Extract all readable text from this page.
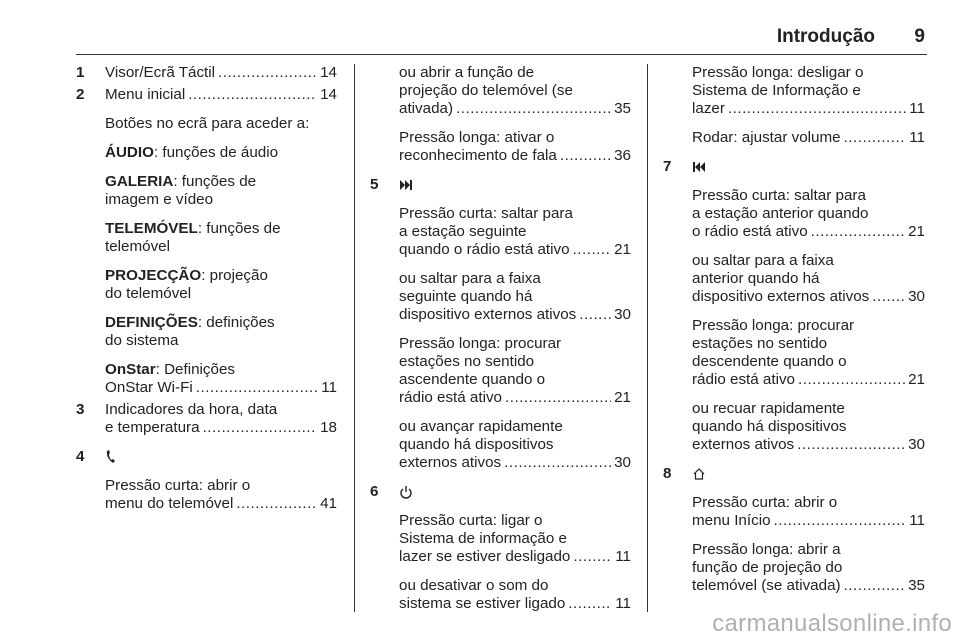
Introdução 9
1 Visor/Ecrã Táctil .....	14
2 Menu inicial .....	14
Botões no ecrã para aceder a:
ÁUDIO: funções de áudio
GALERIA: funções de
imagem e vídeo
TELEMÓVEL: funções de
telemóvel
PROJECÇÃO: projeção
do telemóvel
DEFINIÇÕES: definições
do sistema
OnStar: Definições
OnStar Wi-Fi .....	11
3 Indicadores da hora, data
e temperatura .....	18
4
Pressão curta: abrir o
menu do telemóvel .....	41
ou abrir a função de
projeção do telemóvel (se
ativada) .....	35
Pressão longa: ativar o
reconhecimento de fala .....	36
5
Pressão curta: saltar para
a estação seguinte
quando o rádio está ativo .....	21
ou saltar para a faixa
seguinte quando há
dispositivo externos ativos ..... 30
Pressão longa: procurar
estações no sentido
ascendente quando o
rádio está ativo .....	21
ou avançar rapidamente
quando há dispositivos
externos ativos .....	30
6
Pressão curta: ligar o
Sistema de informação e
lazer se estiver desligado .....	11
ou desativar o som do
sistema se estiver ligado .....	11
Pressão longa: desligar o
Sistema de Informação e
lazer .....	11
Rodar: ajustar volume .....	11
7
Pressão curta: saltar para
a estação anterior quando
o rádio está ativo .....	21
ou saltar para a faixa
anterior quando há
dispositivo externos ativos .....	30
Pressão longa: procurar
estações no sentido
descendente quando o
rádio está ativo .....	21
ou recuar rapidamente
quando há dispositivos
externos ativos .....	30
8
Pressão curta: abrir o
menu Início .....	11
Pressão longa: abrir a
função de projeção do
telemóvel (se ativada) .....	35
carmanualsonline.info
